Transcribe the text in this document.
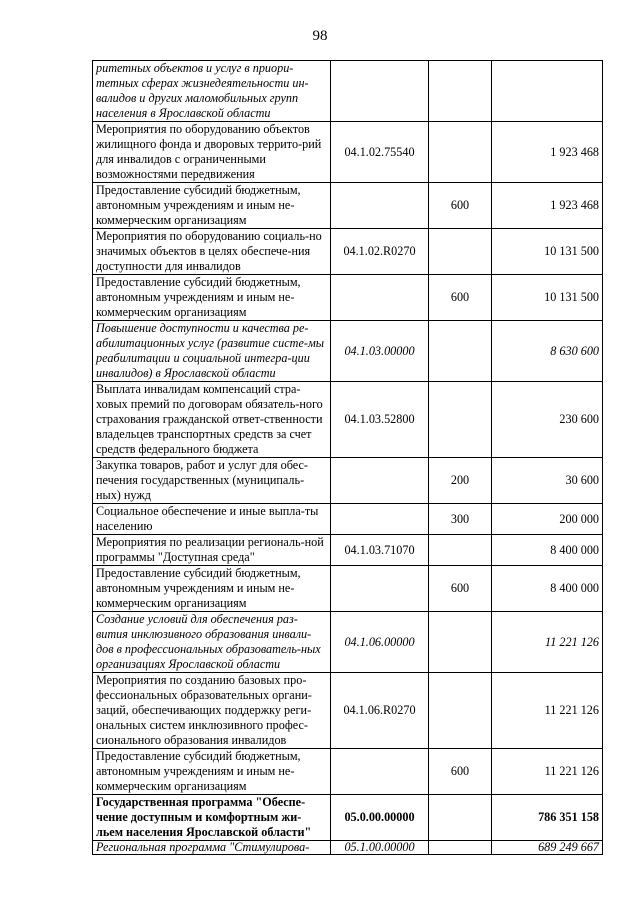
98
ритетных объектов и услуг в приори-тетных сферах жизнедеятельности ин-валидов и других маломобильных групп населения в Ярославской области			
Мероприятия по оборудованию объектов жилищного фонда и дворовых террито-рий для инвалидов с ограниченными возможностями передвижения	04.1.02.75540		1 923 468
Предоставление субсидий бюджетным, автономным учреждениям и иным не-коммерческим организациям		600	1 923 468
Мероприятия по оборудованию социаль-но значимых объектов в целях обеспече-ния доступности для инвалидов	04.1.02.R0270		10 131 500
Предоставление субсидий бюджетным, автономным учреждениям и иным не-коммерческим организациям		600	10 131 500
Повышение доступности и качества ре-абилитационных услуг (развитие систе-мы реабилитации и социальной интегра-ции инвалидов) в Ярославской области	04.1.03.00000		8 630 600
Выплата инвалидам компенсаций стра-ховых премий по договорам обязатель-ного страхования гражданской ответ-ственности владельцев транспортных средств за счет средств федерального бюджета	04.1.03.52800		230 600
Закупка товаров, работ и услуг для обес-печения государственных (муниципаль-ных) нужд		200	30 600
Социальное обеспечение и иные выпла-ты населению		300	200 000
Мероприятия по реализации региональ-ной программы "Доступная среда"	04.1.03.71070		8 400 000
Предоставление субсидий бюджетным, автономным учреждениям и иным не-коммерческим организациям		600	8 400 000
Создание условий для обеспечения раз-вития инклюзивного образования инвали-дов в профессиональных образователь-ных организациях Ярославской области	04.1.06.00000		11 221 126
Мероприятия по созданию базовых про-фессиональных образовательных органи-заций, обеспечивающих поддержку реги-ональных систем инклюзивного профес-сионального образования инвалидов	04.1.06.R0270		11 221 126
Предоставление субсидий бюджетным, автономным учреждениям и иным не-коммерческим организациям		600	11 221 126
Государственная программа "Обеспе-чение доступным и комфортным жи-льем населения Ярославской области"	05.0.00.00000		786 351 158
Региональная программа "Стимулирова-	05.1.00.00000		689 249 667
